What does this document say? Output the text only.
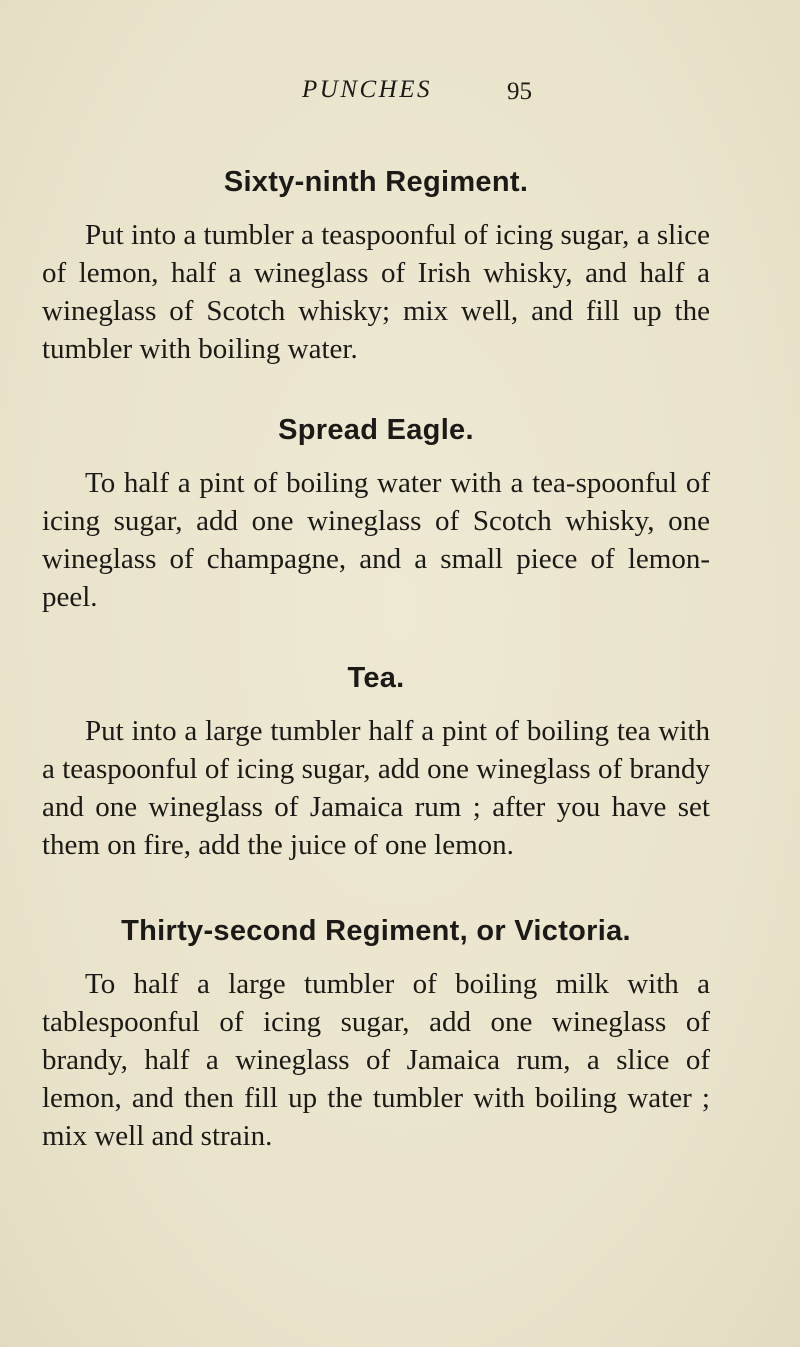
PUNCHES	95
Sixty-ninth Regiment.

Put into a tumbler a teaspoonful of icing sugar, a slice of lemon, half a wineglass of Irish whisky, and half a wineglass of Scotch whisky; mix well, and fill up the tumbler with boiling water.

Spread Eagle.

To half a pint of boiling water with a tea-spoonful of icing sugar, add one wineglass of Scotch whisky, one wineglass of champagne, and a small piece of lemon-peel.

Tea.

Put into a large tumbler half a pint of boiling tea with a teaspoonful of icing sugar, add one wineglass of brandy and one wineglass of Jamaica rum ; after you have set them on fire, add the juice of one lemon.

Thirty-second Regiment, or Victoria.

To half a large tumbler of boiling milk with a tablespoonful of icing sugar, add one wineglass of brandy, half a wineglass of Jamaica rum, a slice of lemon, and then fill up the tumbler with boiling water ; mix well and strain.
